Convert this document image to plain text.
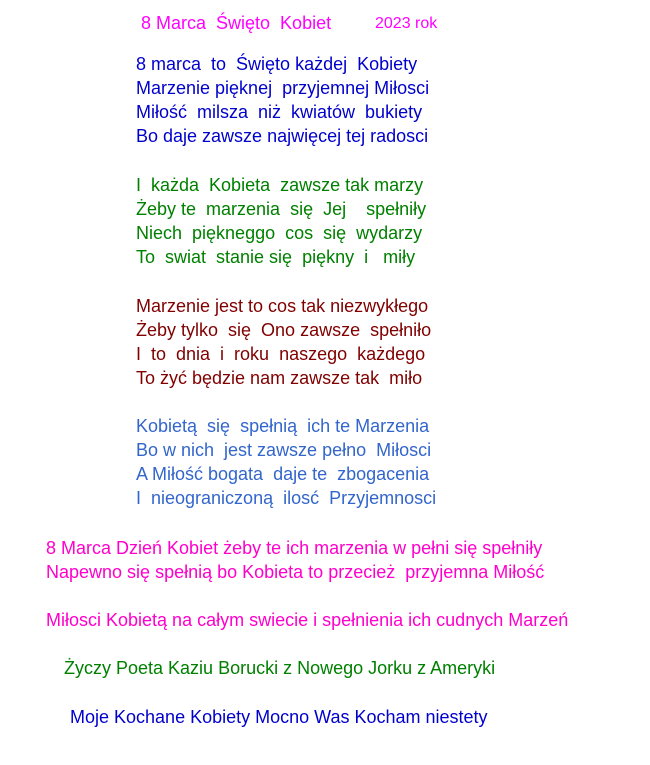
8 Marca  Święto  Kobiet	2023 rok
8 marca  to  Święto każdej  Kobiety
Marzenie pięknej  przyjemnej Miłosci
Miłość  milsza  niż  kwiatów  bukiety
Bo daje zawsze najwięcej tej radosci
I  każda  Kobieta  zawsze tak marzy
Żeby te  marzenia  się  Jej    spełniły
Niech  piękneggo  cos  się  wydarzy
To  swiat  stanie się  piękny  i   miły
Marzenie jest to cos tak niezwykłego
Żeby tylko  się  Ono zawsze  spełniło
I  to  dnia  i  roku  naszego  każdego
To żyć będzie nam zawsze tak  miło
Kobietą  się  spełnią  ich te Marzenia
Bo w nich  jest zawsze pełno  Miłosci
A Miłość bogata  daje te  zbogacenia
I  nieograniczoną  ilosć  Przyjemnosci
8 Marca Dzień Kobiet żeby te ich marzenia w pełni się spełniły
Napewno się spełnią bo Kobieta to przecież  przyjemna Miłość
Miłosci Kobietą na całym swiecie i spełnienia ich cudnych Marzeń
Życzy Poeta Kaziu Borucki z Nowego Jorku z Ameryki
Moje Kochane Kobiety Mocno Was Kocham niestety
